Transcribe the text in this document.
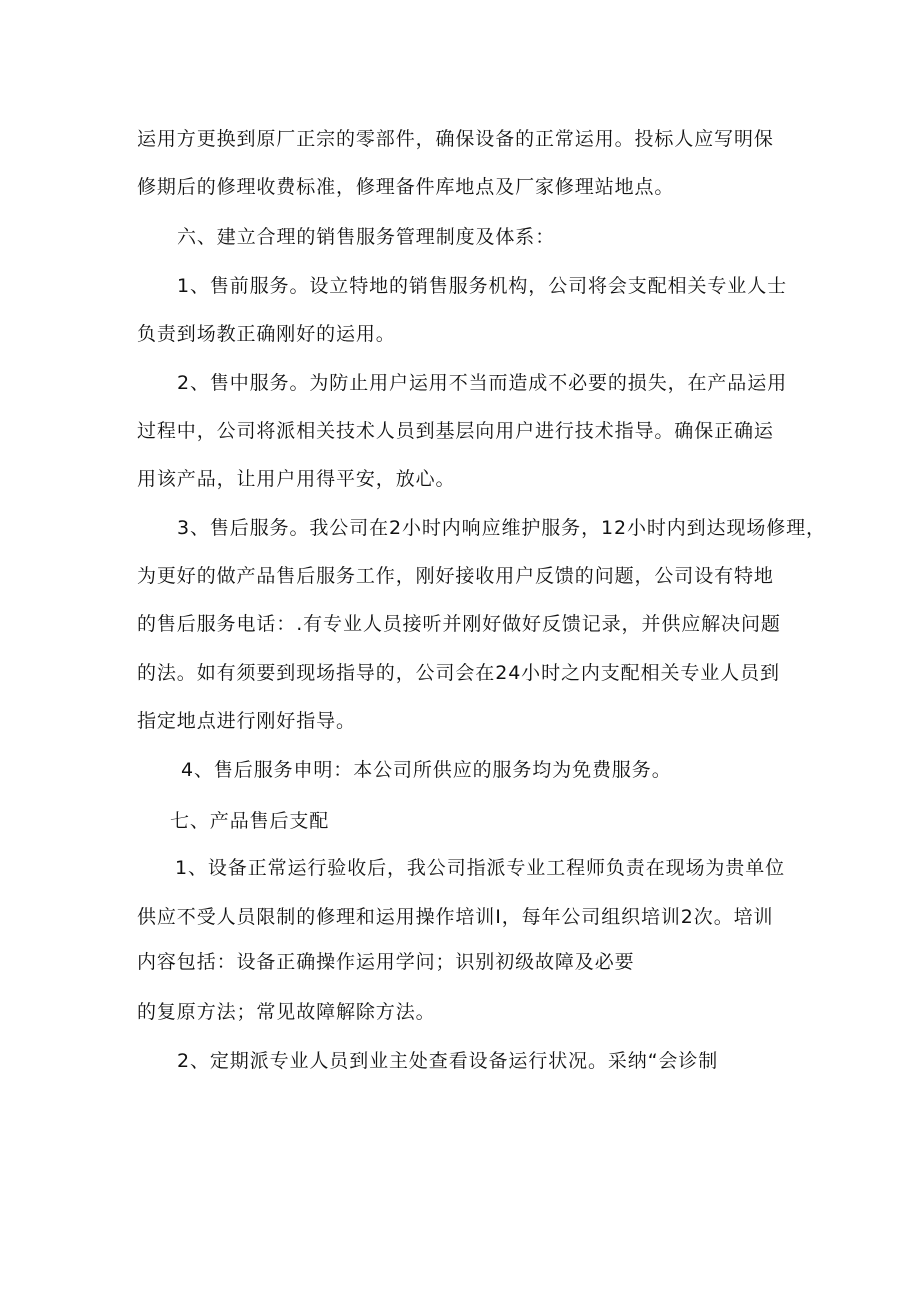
运用方更换到原厂正宗的零部件，确保设备的正常运用。投标人应写明保
修期后的修理收费标准，修理备件库地点及厂家修理站地点。
六、建立合理的销售服务管理制度及体系：
1、售前服务。设立特地的销售服务机构，公司将会支配相关专业人士
负责到场教正确刚好的运用。
2、售中服务。为防止用户运用不当而造成不必要的损失，在产品运用
过程中，公司将派相关技术人员到基层向用户进行技术指导。确保正确运
用该产品，让用户用得平安，放心。
3、售后服务。我公司在2小时内响应维护服务，12小时内到达现场修理，
为更好的做产品售后服务工作，刚好接收用户反馈的问题，公司设有特地
的售后服务电话：.有专业人员接听并刚好做好反馈记录，并供应解决问题
的法。如有须要到现场指导的，公司会在24小时之内支配相关专业人员到
指定地点进行刚好指导。
4、售后服务申明：本公司所供应的服务均为免费服务。
七、产品售后支配
1、设备正常运行验收后，我公司指派专业工程师负责在现场为贵单位
供应不受人员限制的修理和运用操作培训I，每年公司组织培训2次。培训
内容包括：设备正确操作运用学问；识别初级故障及必要
的复原方法；常见故障解除方法。
2、定期派专业人员到业主处查看设备运行状况。采纳“会诊制
